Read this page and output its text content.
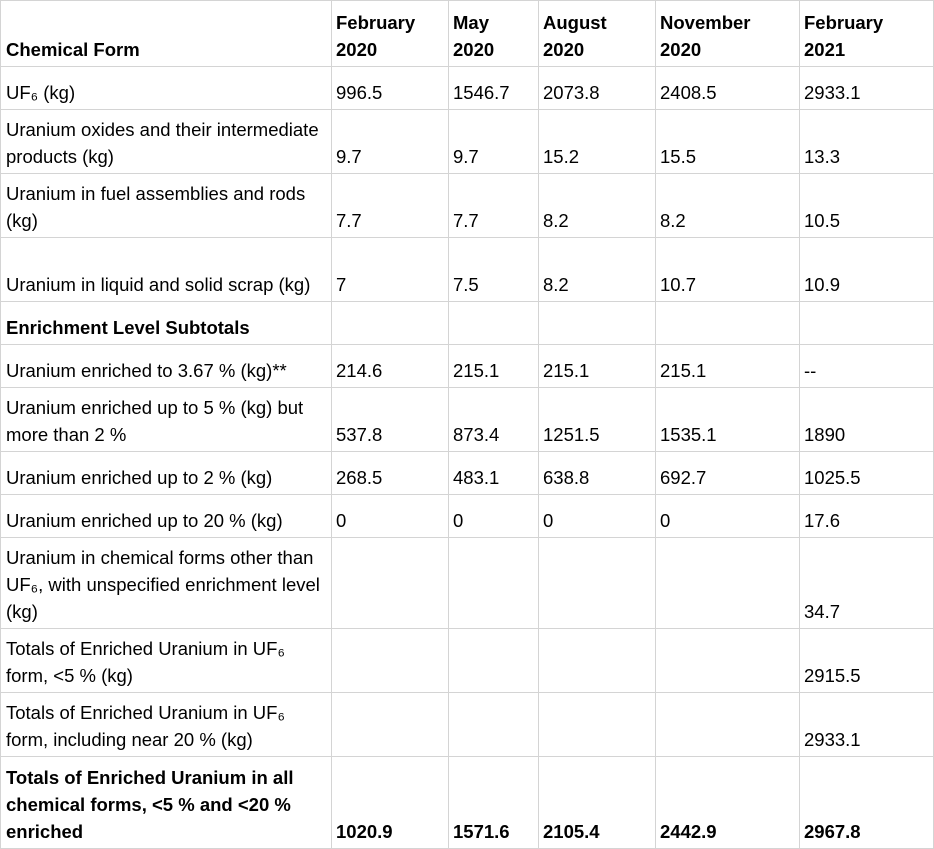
Chemical Form	February 2020	May 2020	August 2020	November 2020	February 2021
UF₆ (kg)	996.5	1546.7	2073.8	2408.5	2933.1
Uranium oxides and their intermediate products (kg)	9.7	9.7	15.2	15.5	13.3
Uranium in fuel assemblies and rods (kg)	7.7	7.7	8.2	8.2	10.5
Uranium in liquid and solid scrap (kg)	7	7.5	8.2	10.7	10.9
Enrichment Level Subtotals					
Uranium enriched to 3.67 % (kg)**	214.6	215.1	215.1	215.1	--
Uranium enriched up to 5 % (kg) but more than 2 %	537.8	873.4	1251.5	1535.1	1890
Uranium enriched up to 2 % (kg)	268.5	483.1	638.8	692.7	1025.5
Uranium enriched up to 20 % (kg)	0	0	0	0	17.6
Uranium in chemical forms other than UF₆, with unspecified enrichment level (kg)					34.7
Totals of Enriched Uranium in UF₆ form, <5 % (kg)					2915.5
Totals of Enriched Uranium in UF₆ form, including near 20 % (kg)					2933.1
Totals of Enriched Uranium in all chemical forms, <5 % and <20 % enriched	1020.9	1571.6	2105.4	2442.9	2967.8
